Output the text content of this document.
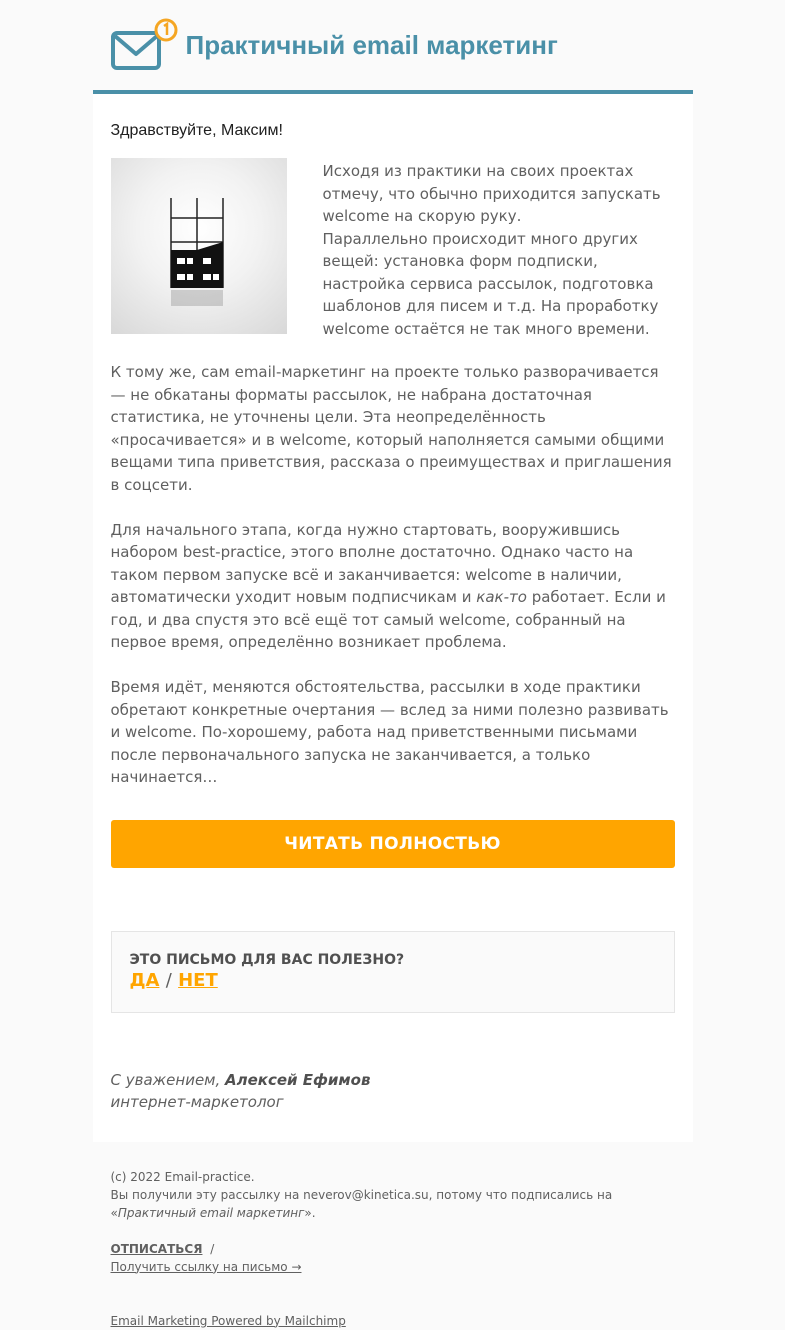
Практичный email маркетинг
Здравствуйте, Максим!
Исходя из практики на своих проектах отмечу, что обычно приходится запускать welcome на скорую руку.
Параллельно происходит много других вещей: установка форм подписки, настройка сервиса рассылок, подготовка шаблонов для писем и т.д. На проработку welcome остаётся не так много времени.

К тому же, сам email-маркетинг на проекте только разворачивается — не обкатаны форматы рассылок, не набрана достаточная статистика, не уточнены цели. Эта неопределённость «просачивается» и в welcome, который наполняется самыми общими вещами типа приветствия, рассказа о преимуществах и приглашения в соцсети.

Для начального этапа, когда нужно стартовать, вооружившись набором best-practice, этого вполне достаточно. Однако часто на таком первом запуске всё и заканчивается: welcome в наличии, автоматически уходит новым подписчикам и как-то работает. Если и год, и два спустя это всё ещё тот самый welcome, собранный на первое время, определённо возникает проблема.

Время идёт, меняются обстоятельства, рассылки в ходе практики обретают конкретные очертания — вслед за ними полезно развивать и welcome. По-хорошему, работа над приветственными письмами после первоначального запуска не заканчивается, а только начинается…

ЧИТАТЬ ПОЛНОСТЬЮ
ЭТО ПИСЬМО ДЛЯ ВАС ПОЛЕЗНО?
ДА / НЕТ
С уважением, Алексей Ефимов
интернет-маркетолог
(c) 2022 Email-practice.
Вы получили эту рассылку на neverov@kinetica.su, потому что подписались на «Практичный email маркетинг».
ОТПИСАТЬСЯ /
Получить ссылку на письмо →
Email Marketing Powered by Mailchimp
